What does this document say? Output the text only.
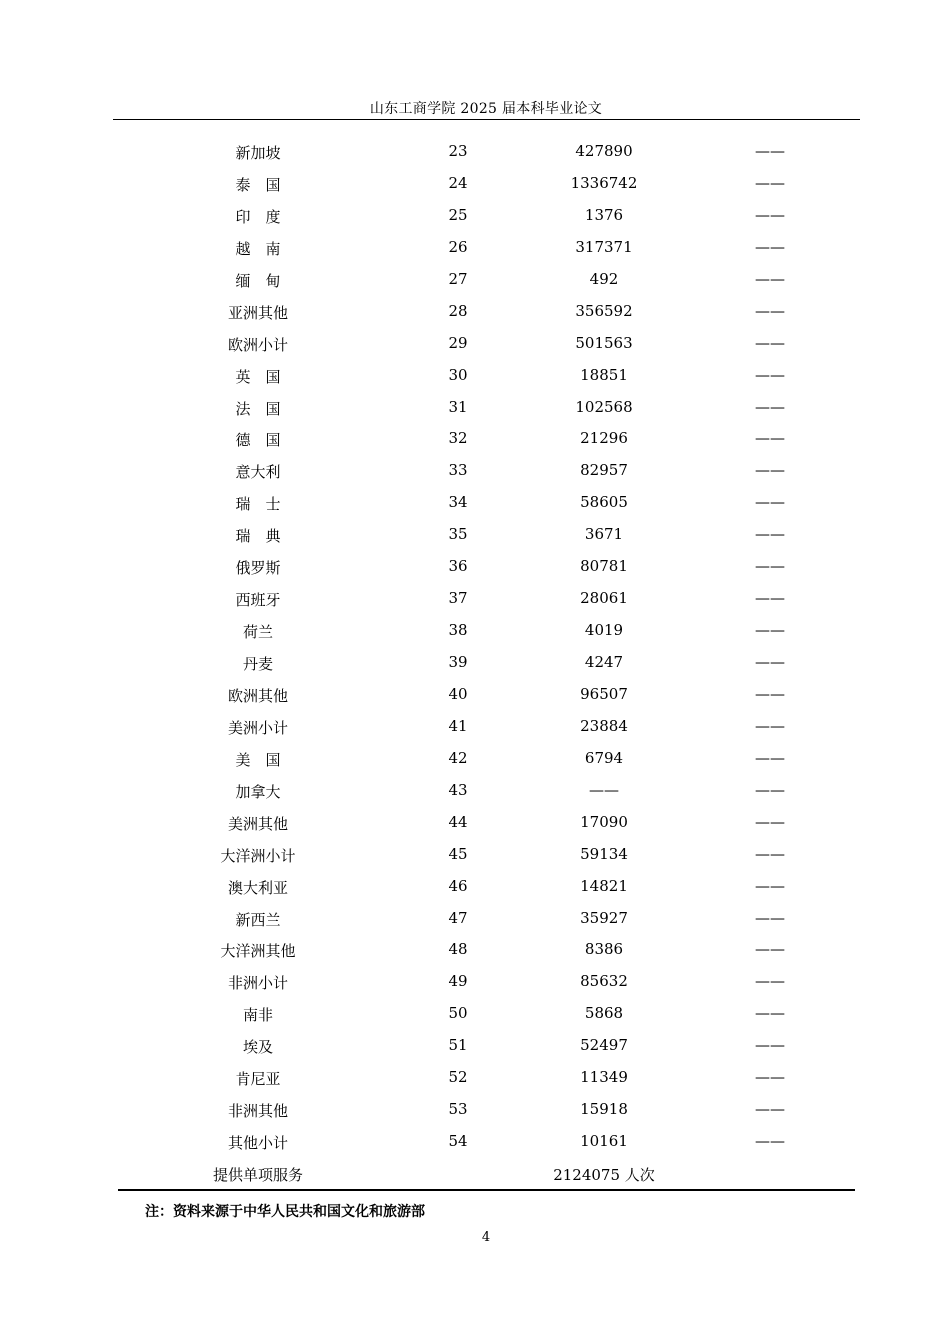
山东工商学院 2025 届本科毕业论文
新加坡	23	427890	——
泰　国	24	1336742	——
印　度	25	1376	——
越　南	26	317371	——
缅　甸	27	492	——
亚洲其他	28	356592	——
欧洲小计	29	501563	——
英　国	30	18851	——
法　国	31	102568	——
德　国	32	21296	——
意大利	33	82957	——
瑞　士	34	58605	——
瑞　典	35	3671	——
俄罗斯	36	80781	——
西班牙	37	28061	——
荷兰	38	4019	——
丹麦	39	4247	——
欧洲其他	40	96507	——
美洲小计	41	23884	——
美　国	42	6794	——
加拿大	43	——	——
美洲其他	44	17090	——
大洋洲小计	45	59134	——
澳大利亚	46	14821	——
新西兰	47	35927	——
大洋洲其他	48	8386	——
非洲小计	49	85632	——
南非	50	5868	——
埃及	51	52497	——
肯尼亚	52	11349	——
非洲其他	53	15918	——
其他小计	54	10161	——
提供单项服务	2124075 人次
注：资料来源于中华人民共和国文化和旅游部
4
